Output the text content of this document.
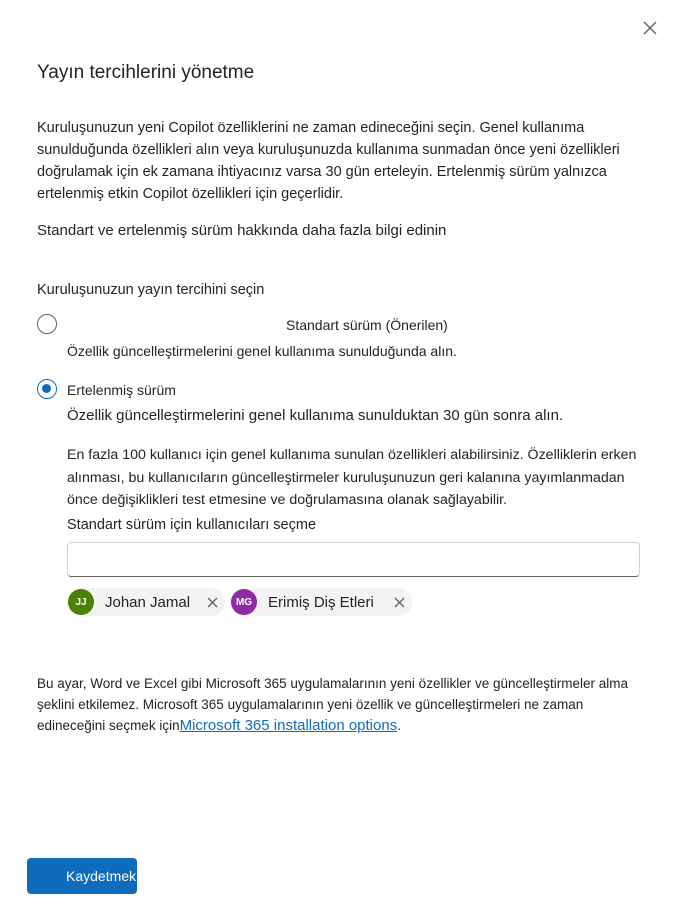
Yayın tercihlerini yönetme
Kuruluşunuzun yeni Copilot özelliklerini ne zaman edineceğini seçin. Genel kullanıma sunulduğunda özellikleri alın veya kuruluşunuzda kullanıma sunmadan önce yeni özellikleri doğrulamak için ek zamana ihtiyacınız varsa 30 gün erteleyin. Ertelenmiş sürüm yalnızca ertelenmiş etkin Copilot özellikleri için geçerlidir.
Standart ve ertelenmiş sürüm hakkında daha fazla bilgi edinin
Kuruluşunuzun yayın tercihini seçin
Standart sürüm (Önerilen)
Özellik güncelleştirmelerini genel kullanıma sunulduğunda alın.
Ertelenmiş sürüm
Özellik güncelleştirmelerini genel kullanıma sunulduktan 30 gün sonra alın.
En fazla 100 kullanıcı için genel kullanıma sunulan özellikleri alabilirsiniz. Özelliklerin erken alınması, bu kullanıcıların güncelleştirmeler kuruluşunuzun geri kalanına yayımlanmadan önce değişiklikleri test etmesine ve doğrulamasına olanak sağlayabilir.
Standart sürüm için kullanıcıları seçme
JJ	Johan Jamal	MG	Erimiş Diş Etleri
Bu ayar, Word ve Excel gibi Microsoft 365 uygulamalarının yeni özellikler ve güncelleştirmeler alma şeklini etkilemez. Microsoft 365 uygulamalarının yeni özellik ve güncelleştirmeleri ne zaman edineceğini seçmek içinMicrosoft 365 installation options.
Kaydetmek
